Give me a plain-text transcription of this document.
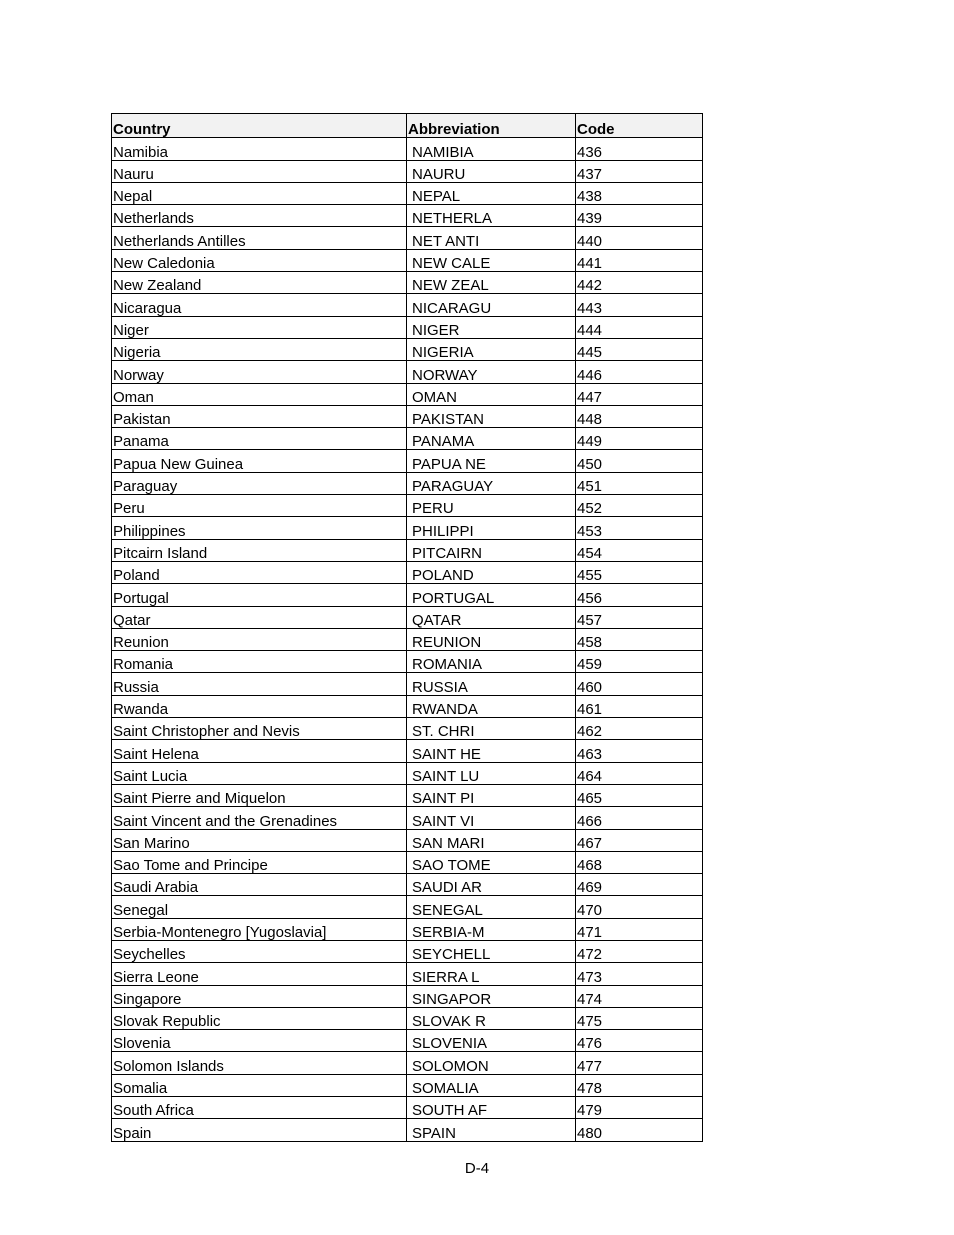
Country	Abbreviation	Code
Namibia	NAMIBIA	436
Nauru	NAURU	437
Nepal	NEPAL	438
Netherlands	NETHERLA	439
Netherlands Antilles	NET ANTI	440
New Caledonia	NEW CALE	441
New Zealand	NEW ZEAL	442
Nicaragua	NICARAGU	443
Niger	NIGER	444
Nigeria	NIGERIA	445
Norway	NORWAY	446
Oman	OMAN	447
Pakistan	PAKISTAN	448
Panama	PANAMA	449
Papua New Guinea	PAPUA NE	450
Paraguay	PARAGUAY	451
Peru	PERU	452
Philippines	PHILIPPI	453
Pitcairn Island	PITCAIRN	454
Poland	POLAND	455
Portugal	PORTUGAL	456
Qatar	QATAR	457
Reunion	REUNION	458
Romania	ROMANIA	459
Russia	RUSSIA	460
Rwanda	RWANDA	461
Saint Christopher and Nevis	ST. CHRI	462
Saint Helena	SAINT HE	463
Saint Lucia	SAINT LU	464
Saint Pierre and Miquelon	SAINT PI	465
Saint Vincent and the Grenadines	SAINT VI	466
San Marino	SAN MARI	467
Sao Tome and Principe	SAO TOME	468
Saudi Arabia	SAUDI AR	469
Senegal	SENEGAL	470
Serbia-Montenegro [Yugoslavia]	SERBIA-M	471
Seychelles	SEYCHELL	472
Sierra Leone	SIERRA L	473
Singapore	SINGAPOR	474
Slovak Republic	SLOVAK R	475
Slovenia	SLOVENIA	476
Solomon Islands	SOLOMON	477
Somalia	SOMALIA	478
South Africa	SOUTH AF	479
Spain	SPAIN	480
D-4
